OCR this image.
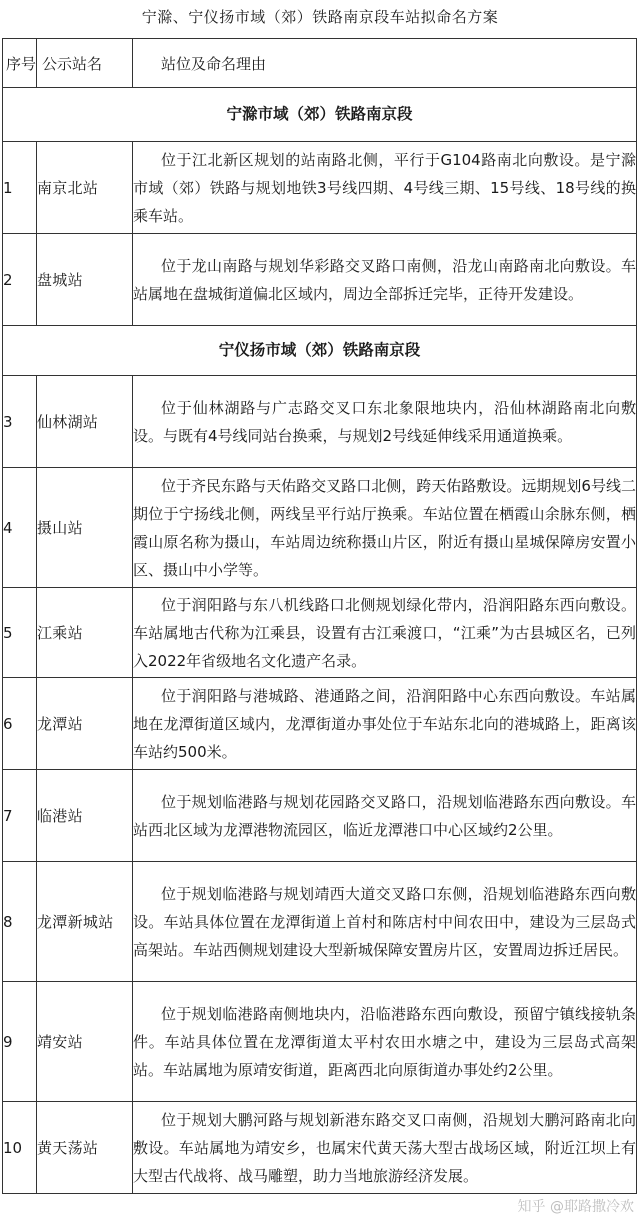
宁滁、宁仪扬市域（郊）铁路南京段车站拟命名方案
序号	公示站名	站位及命名理由
宁滁市域（郊）铁路南京段		
1	南京北站	位于江北新区规划的站南路北侧，平行于G104路南北向敷设。是宁滁市域（郊）铁路与规划地铁3号线四期、4号线三期、15号线、18号线的换乘车站。
2	盘城站	位于龙山南路与规划华彩路交叉路口南侧，沿龙山南路南北向敷设。车站属地在盘城街道偏北区域内，周边全部拆迁完毕，正待开发建设。
宁仪扬市域（郊）铁路南京段		
3	仙林湖站	位于仙林湖路与广志路交叉口东北象限地块内，沿仙林湖路南北向敷设。与既有4号线同站台换乘，与规划2号线延伸线采用通道换乘。
4	摄山站	位于齐民东路与天佑路交叉路口北侧，跨天佑路敷设。远期规划6号线二期位于宁扬线北侧，两线呈平行站厅换乘。车站位置在栖霞山余脉东侧，栖霞山原名称为摄山，车站周边统称摄山片区，附近有摄山星城保障房安置小区、摄山中小学等。
5	江乘站	位于润阳路与东八机线路口北侧规划绿化带内，沿润阳路东西向敷设。车站属地古代称为江乘县，设置有古江乘渡口，“江乘”为古县城区名，已列入2022年省级地名文化遗产名录。
6	龙潭站	位于润阳路与港城路、港通路之间，沿润阳路中心东西向敷设。车站属地在龙潭街道区域内，龙潭街道办事处位于车站东北向的港城路上，距离该车站约500米。
7	临港站	位于规划临港路与规划花园路交叉路口，沿规划临港路东西向敷设。车站西北区域为龙潭港物流园区，临近龙潭港口中心区域约2公里。
8	龙潭新城站	位于规划临港路与规划靖西大道交叉路口东侧，沿规划临港路东西向敷设。车站具体位置在龙潭街道上首村和陈店村中间农田中，建设为三层岛式高架站。车站西侧规划建设大型新城保障安置房片区，安置周边拆迁居民。
9	靖安站	位于规划临港路南侧地块内，沿临港路东西向敷设，预留宁镇线接轨条件。车站具体位置在龙潭街道太平村农田水塘之中，建设为三层岛式高架站。车站属地为原靖安街道，距离西北向原街道办事处约2公里。
10	黄天荡站	位于规划大鹏河路与规划新港东路交叉口南侧，沿规划大鹏河路南北向敷设。车站属地为靖安乡，也属宋代黄天荡大型古战场区域，附近江坝上有大型古代战将、战马雕塑，助力当地旅游经济发展。
知乎 @耶路撒冷欢
